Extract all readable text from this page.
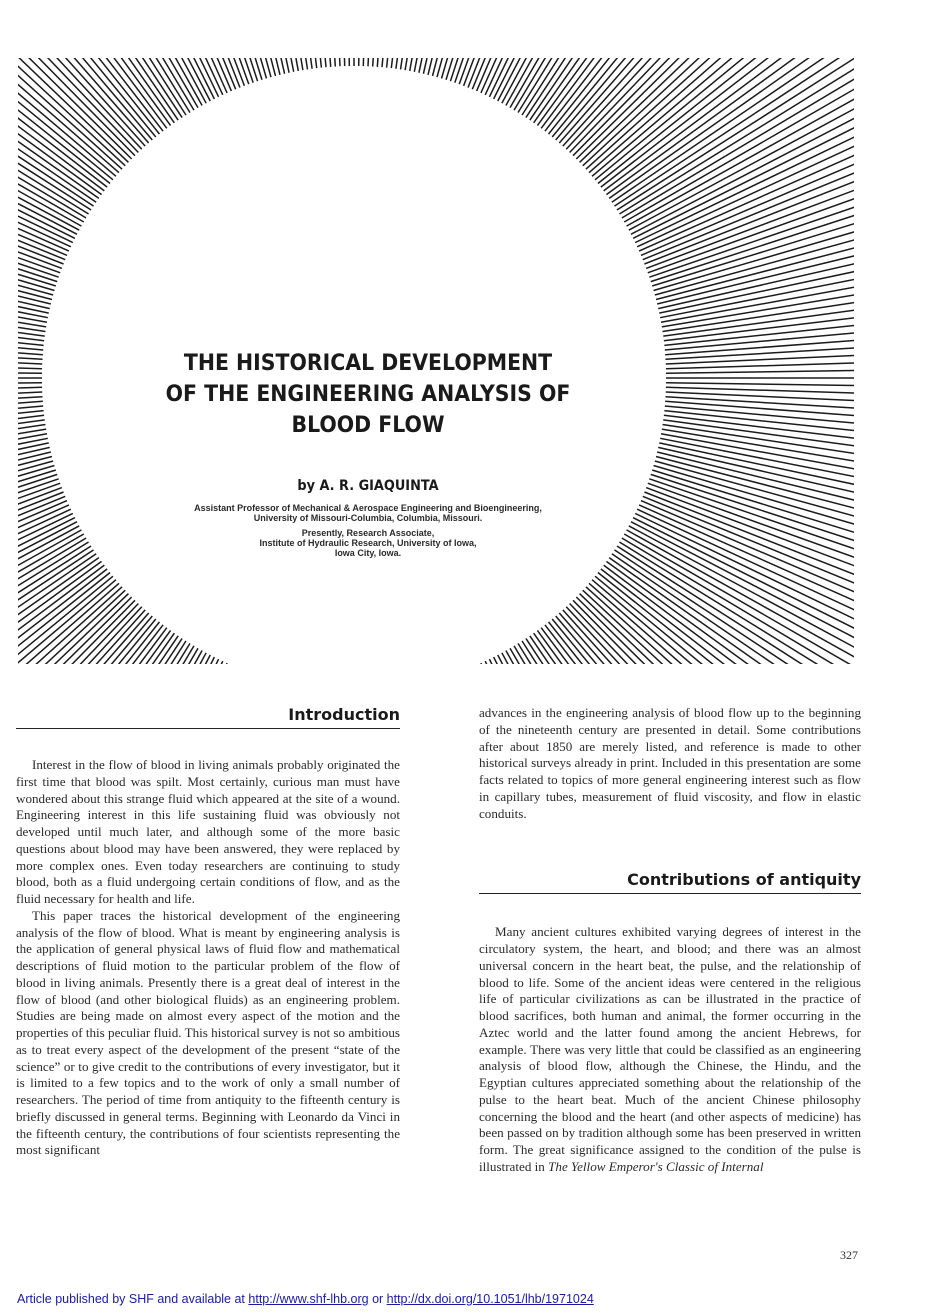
THE HISTORICAL DEVELOPMENT
OF THE ENGINEERING ANALYSIS OF
BLOOD FLOW
by A. R. GIAQUINTA
Assistant Professor of Mechanical & Aerospace Engineering and Bioengineering,
University of Missouri-Columbia, Columbia, Missouri.
Presently, Research Associate,
Institute of Hydraulic Research, University of Iowa,
Iowa City, Iowa.
Introduction

Interest in the flow of blood in living animals probably originated the first time that blood was spilt. Most certainly, curious man must have wondered about this strange fluid which appeared at the site of a wound. Engineering interest in this life sustaining fluid was obviously not developed until much later, and although some of the more basic questions about blood may have been answered, they were replaced by more complex ones. Even today researchers are continuing to study blood, both as a fluid undergoing certain conditions of flow, and as the fluid necessary for health and life.

This paper traces the historical development of the engineering analysis of the flow of blood. What is meant by engineering analysis is the application of general physical laws of fluid flow and mathematical descriptions of fluid motion to the particular problem of the flow of blood in living animals. Presently there is a great deal of interest in the flow of blood (and other biological fluids) as an engineering problem. Studies are being made on almost every aspect of the motion and the properties of this peculiar fluid. This historical survey is not so ambitious as to treat every aspect of the development of the present “state of the science” or to give credit to the contributions of every investigator, but it is limited to a few topics and to the work of only a small number of researchers. The period of time from antiquity to the fifteenth century is briefly discussed in general terms. Beginning with Leonardo da Vinci in the fifteenth century, the contributions of four scientists representing the most significant

advances in the engineering analysis of blood flow up to the beginning of the nineteenth century are presented in detail. Some contributions after about 1850 are merely listed, and reference is made to other historical surveys already in print. Included in this presentation are some facts related to topics of more general engineering interest such as flow in capillary tubes, measurement of fluid viscosity, and flow in elastic conduits.

Contributions of antiquity

Many ancient cultures exhibited varying degrees of interest in the circulatory system, the heart, and blood; and there was an almost universal concern in the heart beat, the pulse, and the relationship of blood to life. Some of the ancient ideas were centered in the religious life of particular civilizations as can be illustrated in the practice of blood sacrifices, both human and animal, the former occurring in the Aztec world and the latter found among the ancient Hebrews, for example. There was very little that could be classified as an engineering analysis of blood flow, although the Chinese, the Hindu, and the Egyptian cultures appreciated something about the relationship of the pulse to the heart beat. Much of the ancient Chinese philosophy concerning the blood and the heart (and other aspects of medicine) has been passed on by tradition although some has been preserved in written form. The great significance assigned to the condition of the pulse is illustrated in The Yellow Emperor's Classic of Internal

327
Article published by SHF and available at http://www.shf-lhb.org or http://dx.doi.org/10.1051/lhb/1971024
